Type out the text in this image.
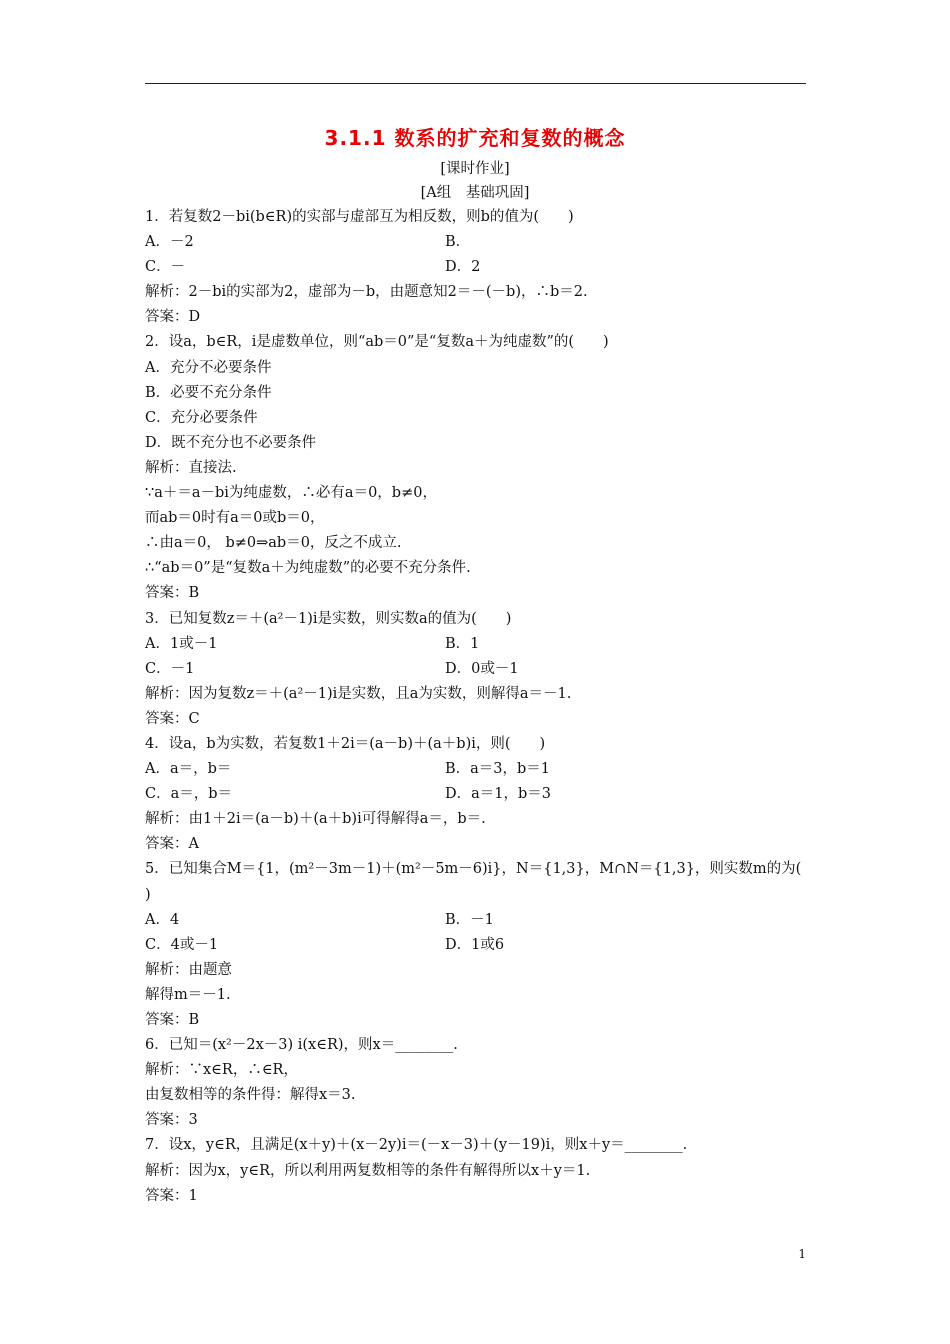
3.1.1 数系的扩充和复数的概念
[课时作业]
[A组　基础巩固]
1．若复数2－bi(b∈R)的实部与虚部互为相反数，则b的值为(　　)
A．－2	B．
C．－	D．2
解析：2－bi的实部为2，虚部为－b，由题意知2＝－(－b)，∴b＝2.
答案：D
2．设a，b∈R，i是虚数单位，则“ab＝0”是“复数a＋为纯虚数”的(　　)
A．充分不必要条件
B．必要不充分条件
C．充分必要条件
D．既不充分也不必要条件
解析：直接法.
∵a＋＝a－bi为纯虚数，∴必有a＝0，b≠0，
而ab＝0时有a＝0或b＝0，
∴由a＝0， b≠0⇒ab＝0，反之不成立.
∴“ab＝0”是“复数a＋为纯虚数”的必要不充分条件.
答案：B
3．已知复数z＝＋(a²－1)i是实数，则实数a的值为(　　)
A．1或－1	B．1
C．－1	D．0或－1
解析：因为复数z＝＋(a²－1)i是实数，且a为实数，则解得a＝－1.
答案：C
4．设a，b为实数，若复数1＋2i＝(a－b)＋(a＋b)i，则(　　)
A．a＝，b＝	B．a＝3，b＝1
C．a＝，b＝	D．a＝1，b＝3
解析：由1＋2i＝(a－b)＋(a＋b)i可得解得a＝，b＝.
答案：A
5．已知集合M＝{1，(m²－3m－1)＋(m²－5m－6)i}，N＝{1,3}，M∩N＝{1,3}，则实数m的为(
)
A．4	B．－1
C．4或－1	D．1或6
解析：由题意
解得m＝－1.
答案：B
6．已知＝(x²－2x－3) i(x∈R)，则x＝________.
解析：∵x∈R，∴∈R，
由复数相等的条件得：解得x＝3.
答案：3
7．设x，y∈R，且满足(x＋y)＋(x－2y)i＝(－x－3)＋(y－19)i，则x＋y＝________.
解析：因为x，y∈R，所以利用两复数相等的条件有解得所以x＋y＝1.
答案：1
1
